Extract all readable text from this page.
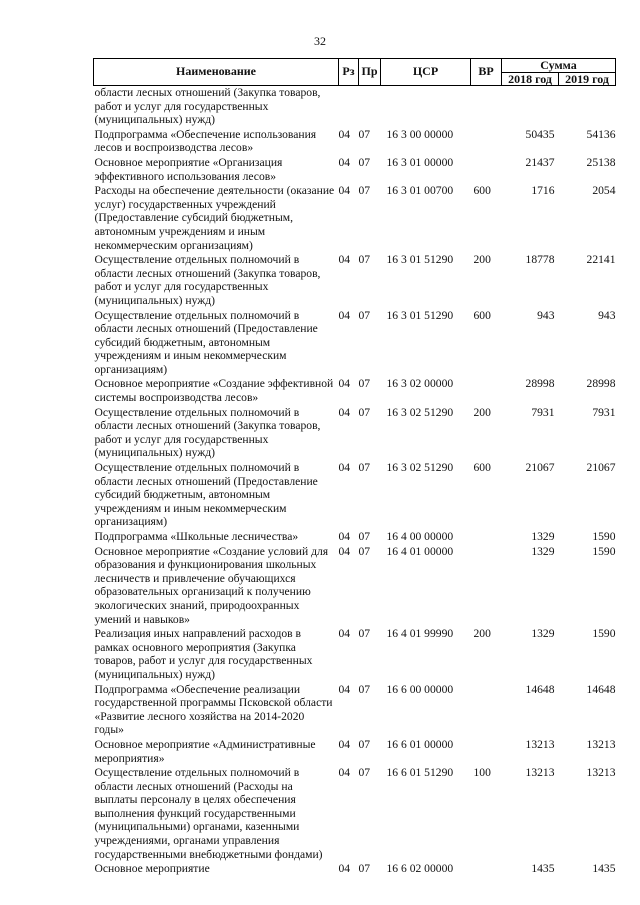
32
Наименование	Рз	Пр	ЦСР	ВР	Сумма	
					2018 год	2019 год
области лесных отношений (Закупка товаров, работ и услуг для государственных (муниципальных) нужд)						
Подпрограмма «Обеспечение использования лесов и воспроизводства лесов»	04	07	16 3 00 00000		50435	54136
Основное мероприятие «Организация эффективного использования лесов»	04	07	16 3 01 00000		21437	25138
Расходы на обеспечение деятельности (оказание услуг) государственных учреждений (Предоставление субсидий бюджетным, автономным учреждениям и иным некоммерческим организациям)	04	07	16 3 01 00700	600	1716	2054
Осуществление отдельных полномочий в области лесных отношений (Закупка товаров, работ и услуг для государственных (муниципальных) нужд)	04	07	16 3 01 51290	200	18778	22141
Осуществление отдельных полномочий в области лесных отношений (Предоставление субсидий бюджетным, автономным учреждениям и иным некоммерческим организациям)	04	07	16 3 01 51290	600	943	943
Основное мероприятие «Создание эффективной системы воспроизводства лесов»	04	07	16 3 02 00000		28998	28998
Осуществление отдельных полномочий в области лесных отношений (Закупка товаров, работ и услуг для государственных (муниципальных) нужд)	04	07	16 3 02 51290	200	7931	7931
Осуществление отдельных полномочий в области лесных отношений (Предоставление субсидий бюджетным, автономным учреждениям и иным некоммерческим организациям)	04	07	16 3 02 51290	600	21067	21067
Подпрограмма «Школьные лесничества»	04	07	16 4 00 00000		1329	1590
Основное мероприятие «Создание условий для образования и функционирования школьных лесничеств и привлечение обучающихся образовательных организаций к получению экологических знаний, природоохранных умений и навыков»	04	07	16 4 01 00000		1329	1590
Реализация иных направлений расходов в рамках основного мероприятия (Закупка товаров, работ и услуг для государственных (муниципальных) нужд)	04	07	16 4 01 99990	200	1329	1590
Подпрограмма «Обеспечение реализации государственной программы Псковской области «Развитие лесного хозяйства на 2014-2020 годы»	04	07	16 6 00 00000		14648	14648
Основное мероприятие «Административные мероприятия»	04	07	16 6 01 00000		13213	13213
Осуществление отдельных полномочий в области лесных отношений (Расходы на выплаты персоналу в целях обеспечения выполнения функций государственными (муниципальными) органами, казенными учреждениями, органами управления государственными внебюджетными фондами)	04	07	16 6 01 51290	100	13213	13213
Основное мероприятие	04	07	16 6 02 00000		1435	1435
